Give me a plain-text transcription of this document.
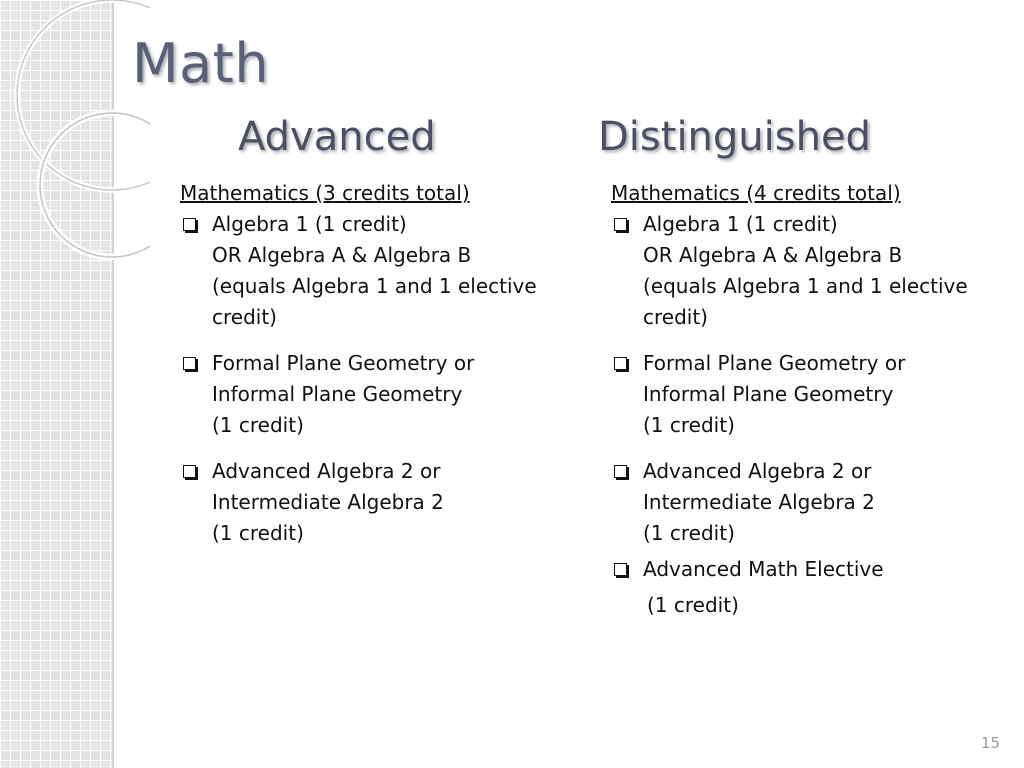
Math
Advanced	Distinguished
Mathematics (3 credits total)
Algebra 1 (1 credit)
OR Algebra A & Algebra B
(equals Algebra 1 and 1 elective credit)
Formal Plane Geometry or
Informal Plane Geometry
(1 credit)
Advanced Algebra 2 or
Intermediate Algebra 2
(1 credit)
Mathematics (4 credits total)
Algebra 1 (1 credit)
OR Algebra A & Algebra B
(equals Algebra 1 and 1 elective credit)
Formal Plane Geometry or
Informal Plane Geometry
(1 credit)
Advanced Algebra 2 or
Intermediate Algebra 2
(1 credit)
Advanced Math Elective
(1 credit)
15
